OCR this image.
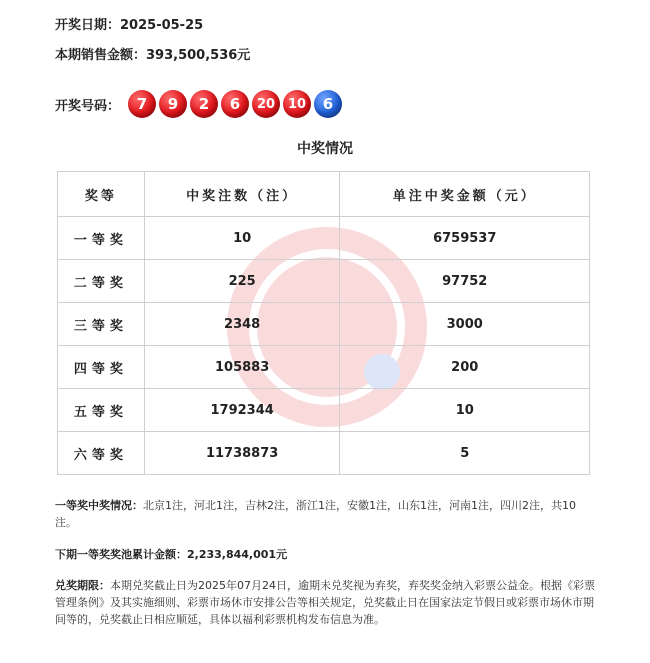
开奖日期：2025-05-25
本期销售金额：393,500,536元
开奖号码：	7	9	2	6	20 10	6
中奖情况
奖等	中奖注数（注）	单注中奖金额（元）
一等奖	10	6759537
二等奖	225	97752
三等奖	2348	3000
四等奖	105883	200
五等奖	1792344	10
六等奖	11738873	5
一等奖中奖情况：北京1注，河北1注，吉林2注，浙江1注，安徽1注，山东1注，河南1注，四川2注，共10注。
下期一等奖奖池累计金额：2,233,844,001元
兑奖期限：本期兑奖截止日为2025年07月24日，逾期未兑奖视为弃奖，弃奖奖金纳入彩票公益金。根据《彩票管理条例》及其实施细则、彩票市场休市安排公告等相关规定，兑奖截止日在国家法定节假日或彩票市场休市期间等的，兑奖截止日相应顺延，具体以福利彩票机构发布信息为准。
